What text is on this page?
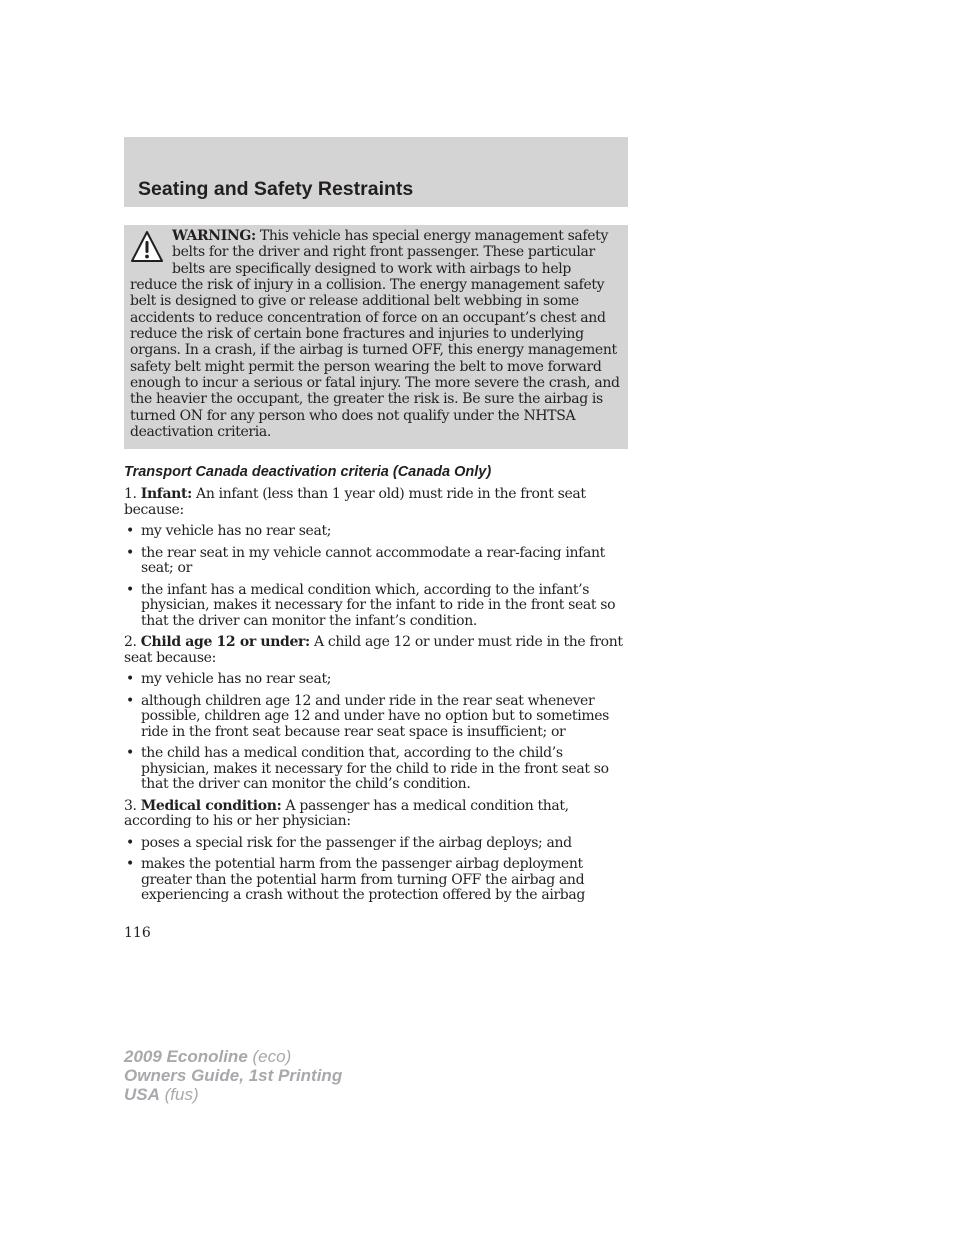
Seating and Safety Restraints

WARNING: This vehicle has special energy management safety belts for the driver and right front passenger. These particular belts are specifically designed to work with airbags to help reduce the risk of injury in a collision. The energy management safety belt is designed to give or release additional belt webbing in some accidents to reduce concentration of force on an occupant’s chest and reduce the risk of certain bone fractures and injuries to underlying organs. In a crash, if the airbag is turned OFF, this energy management safety belt might permit the person wearing the belt to move forward enough to incur a serious or fatal injury. The more severe the crash, and the heavier the occupant, the greater the risk is. Be sure the airbag is turned ON for any person who does not qualify under the NHTSA deactivation criteria.

Transport Canada deactivation criteria (Canada Only)

1. Infant: An infant (less than 1 year old) must ride in the front seat because:

• my vehicle has no rear seat;
• the rear seat in my vehicle cannot accommodate a rear-facing infant seat; or
• the infant has a medical condition which, according to the infant’s physician, makes it necessary for the infant to ride in the front seat so that the driver can monitor the infant’s condition.

2. Child age 12 or under: A child age 12 or under must ride in the front seat because:

• my vehicle has no rear seat;
• although children age 12 and under ride in the rear seat whenever possible, children age 12 and under have no option but to sometimes ride in the front seat because rear seat space is insufficient; or
• the child has a medical condition that, according to the child’s physician, makes it necessary for the child to ride in the front seat so that the driver can monitor the child’s condition.

3. Medical condition: A passenger has a medical condition that, according to his or her physician:

• poses a special risk for the passenger if the airbag deploys; and
• makes the potential harm from the passenger airbag deployment greater than the potential harm from turning OFF the airbag and experiencing a crash without the protection offered by the airbag
116
2009 Econoline (eco)
Owners Guide, 1st Printing
USA (fus)
